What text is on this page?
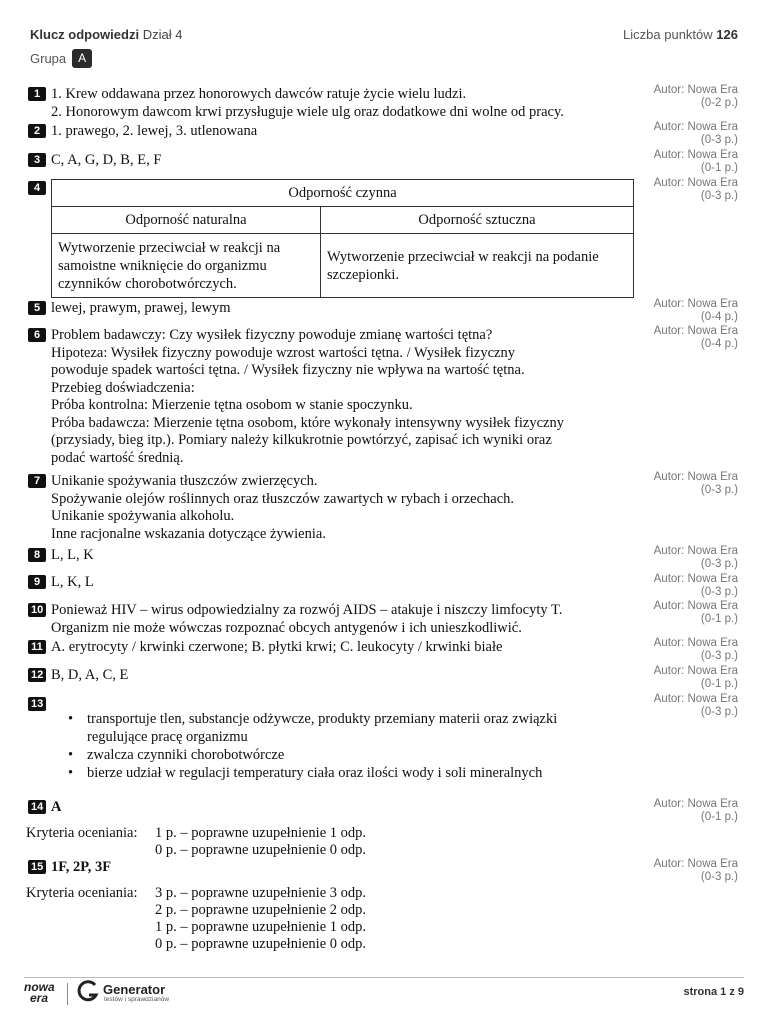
Klucz odpowiedzi Dział 4	Liczba punktów 126
Grupa A
1 1. Krew oddawana przez honorowych dawców ratuje życie wielu ludzi.
2. Honorowym dawcom krwi przysługuje wiele ulg oraz dodatkowe dni wolne od pracy.
Autor: Nowa Era
(0-2 p.)
2 1. prawego, 2. lewej, 3. utlenowana	Autor: Nowa Era
(0-3 p.)
3 C, A, G, D, B, E, F	Autor: Nowa Era
(0-1 p.)
4	Autor: Nowa Era
(0-3 p.)
Odporność czynna	
Odporność naturalna	Odporność sztuczna
Wytworzenie przeciwciał w reakcji na samoistne wniknięcie do organizmu czynników chorobotwórczych.	Wytworzenie przeciwciał w reakcji na podanie szczepionki.
5 lewej, prawym, prawej, lewym	Autor: Nowa Era
(0-4 p.)
6 Problem badawczy: Czy wysiłek fizyczny powoduje zmianę wartości tętna?
Hipoteza: Wysiłek fizyczny powoduje wzrost wartości tętna. / Wysiłek fizyczny
powoduje spadek wartości tętna. / Wysiłek fizyczny nie wpływa na wartość tętna.
Przebieg doświadczenia:
Próba kontrolna: Mierzenie tętna osobom w stanie spoczynku.
Próba badawcza: Mierzenie tętna osobom, które wykonały intensywny wysiłek fizyczny
(przysiady, bieg itp.). Pomiary należy kilkukrotnie powtórzyć, zapisać ich wyniki oraz
podać wartość średnią.
Autor: Nowa Era
(0-4 p.)
7 Unikanie spożywania tłuszczów zwierzęcych.
Spożywanie olejów roślinnych oraz tłuszczów zawartych w rybach i orzechach.
Unikanie spożywania alkoholu.
Inne racjonalne wskazania dotyczące żywienia.
Autor: Nowa Era
(0-3 p.)
8 L, L, K	Autor: Nowa Era
(0-3 p.)
9 L, K, L	Autor: Nowa Era
(0-3 p.)
10 Ponieważ HIV – wirus odpowiedzialny za rozwój AIDS – atakuje i niszczy limfocyty T.
Organizm nie może wówczas rozpoznać obcych antygenów i ich unieszkodliwić.
Autor: Nowa Era
(0-1 p.)
11 A. erytrocyty / krwinki czerwone; B. płytki krwi; C. leukocyty / krwinki białe	Autor: Nowa Era
(0-3 p.)
12 B, D, A, C, E	Autor: Nowa Era
(0-1 p.)
13	Autor: Nowa Era
(0-3 p.)
• transportuje tlen, substancje odżywcze, produkty przemiany materii oraz związki
regulujące pracę organizmu
• zwalcza czynniki chorobotwórcze
• bierze udział w regulacji temperatury ciała oraz ilości wody i soli mineralnych
14 A	Autor: Nowa Era
(0-1 p.)
Kryteria oceniania: 1 p. – poprawne uzupełnienie 1 odp.
0 p. – poprawne uzupełnienie 0 odp.
15 1F, 2P, 3F	Autor: Nowa Era
(0-3 p.)
Kryteria oceniania: 3 p. – poprawne uzupełnienie 3 odp.
2 p. – poprawne uzupełnienie 2 odp.
1 p. – poprawne uzupełnienie 1 odp.
0 p. – poprawne uzupełnienie 0 odp.
nowa
era
Generator
testów i sprawdzianów
strona 1 z 9
